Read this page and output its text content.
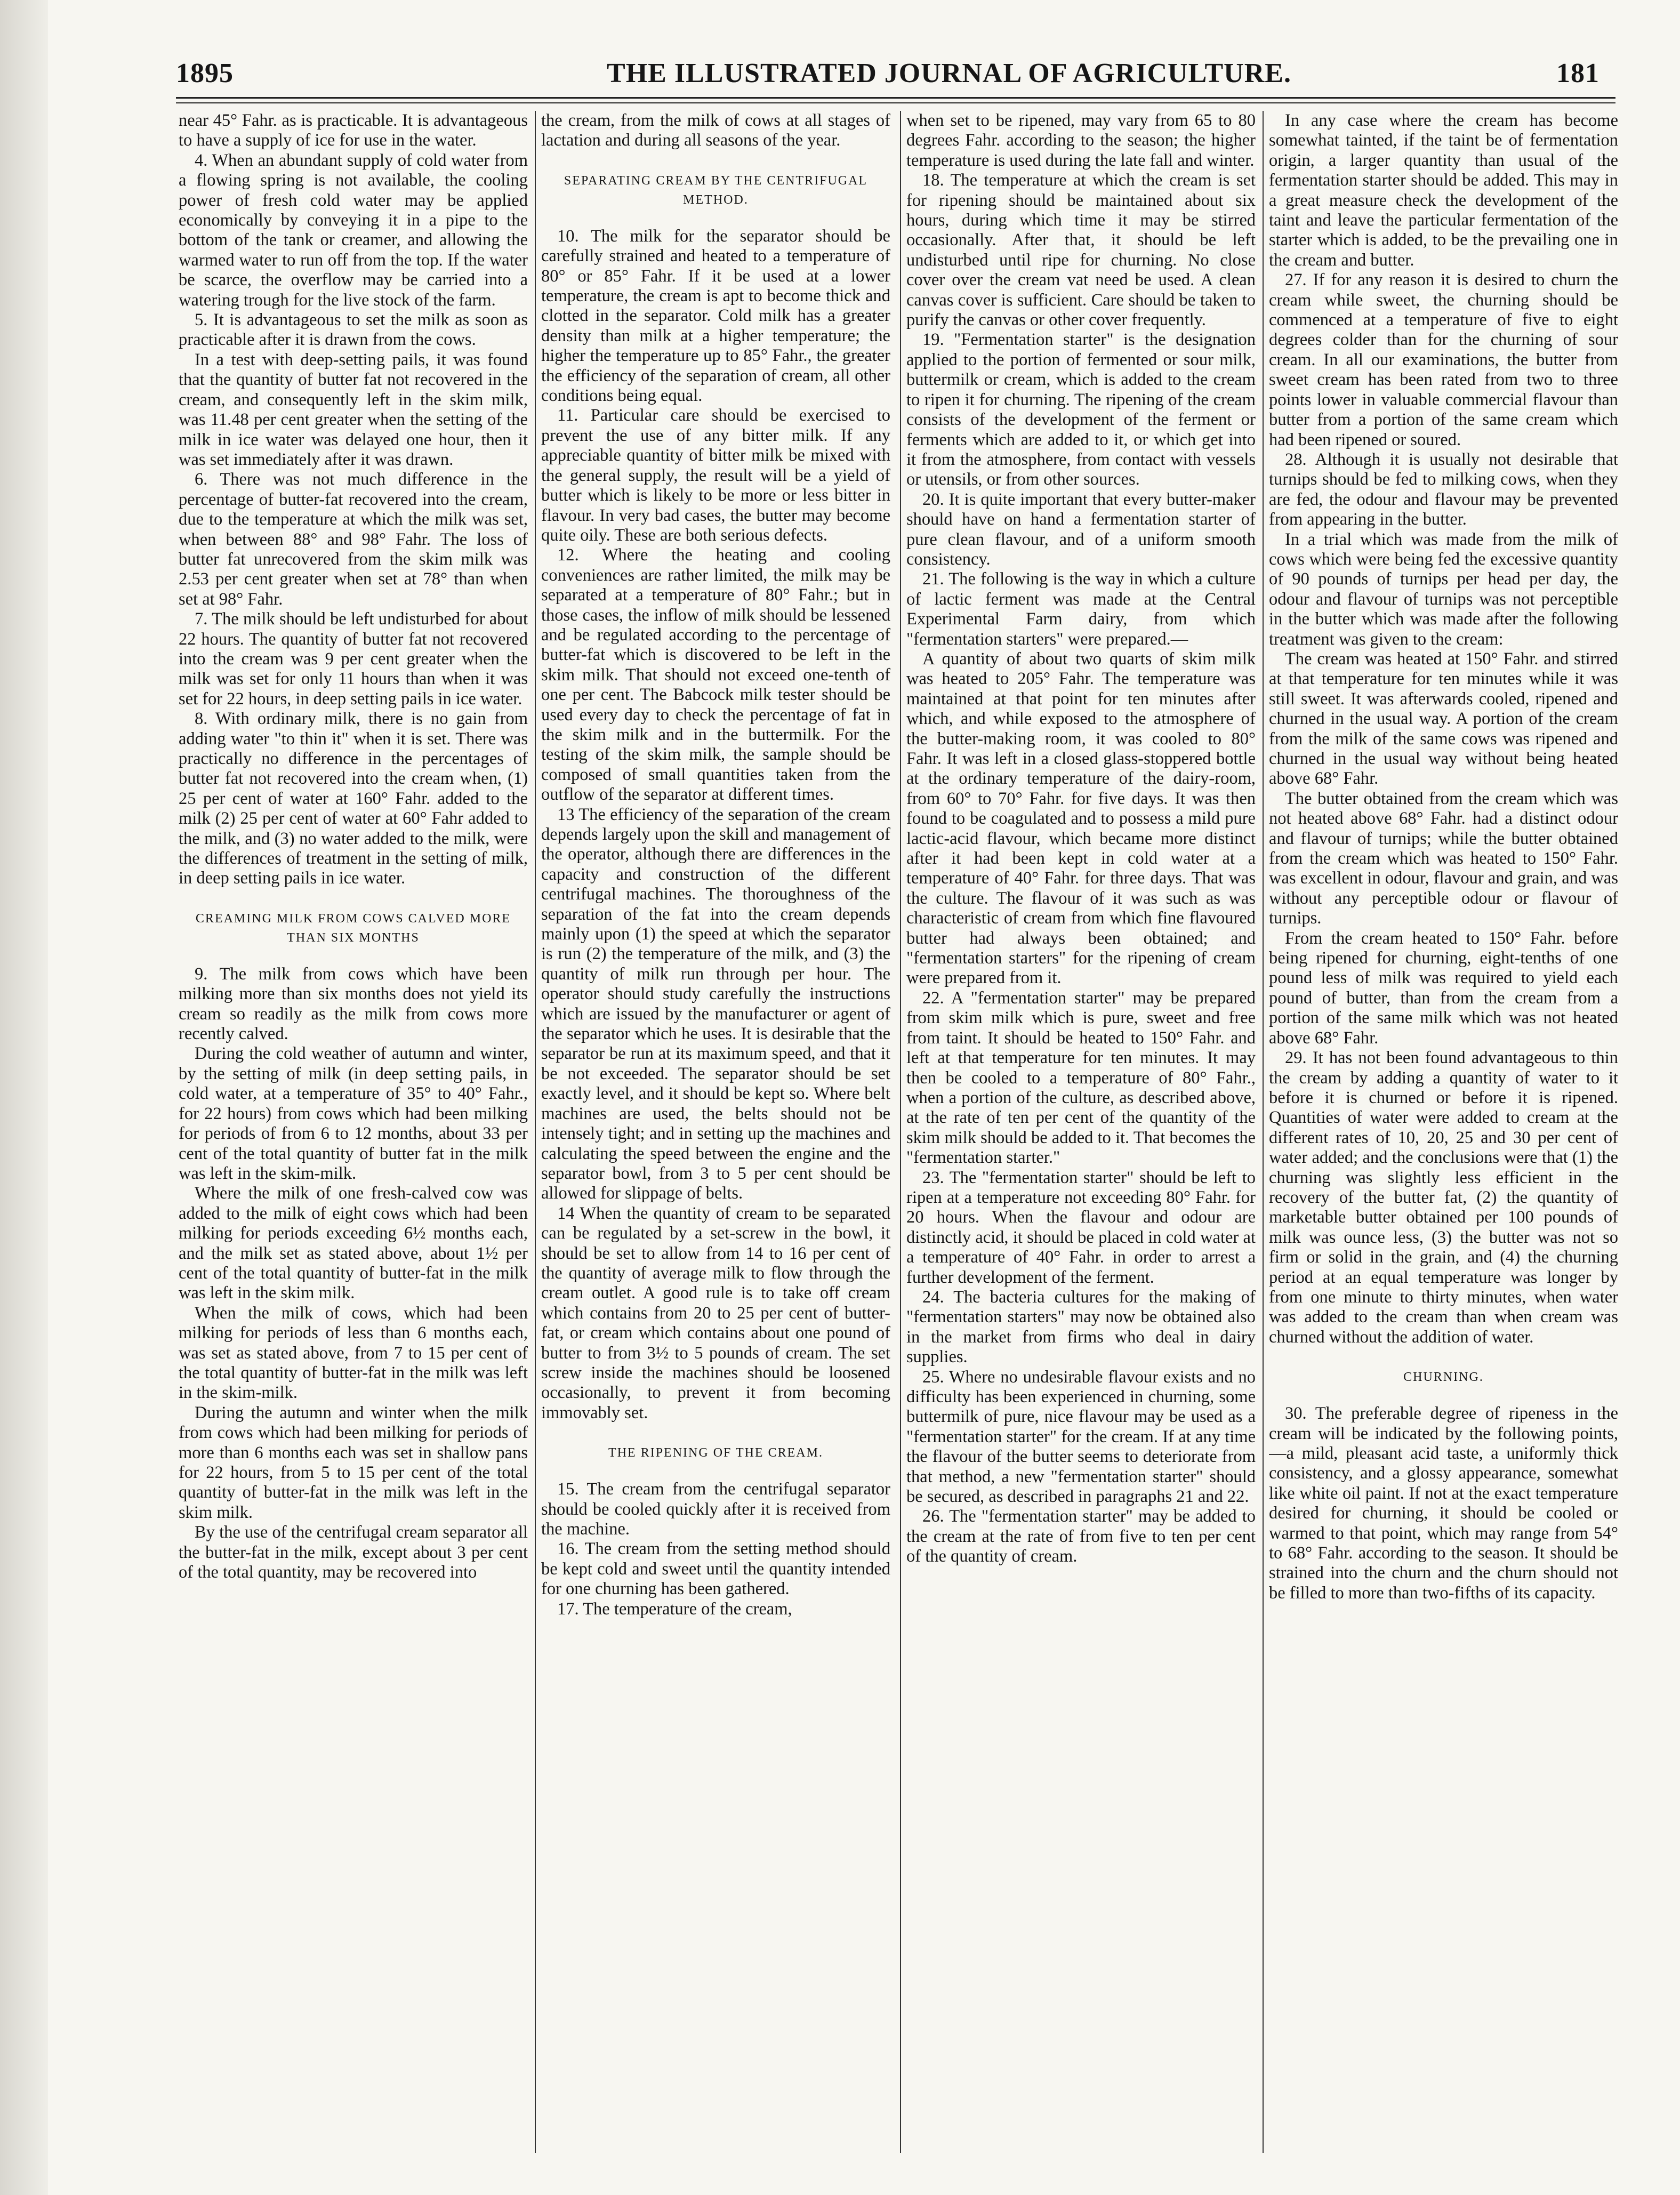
1895	THE ILLUSTRATED JOURNAL OF AGRICULTURE.	181

near 45° Fahr. as is practicable. It is advantageous to have a supply of ice for use in the water.

4. When an abundant supply of cold water from a flowing spring is not available, the cooling power of fresh cold water may be applied economically by conveying it in a pipe to the bottom of the tank or creamer, and allowing the warmed water to run off from the top. If the water be scarce, the overflow may be carried into a watering trough for the live stock of the farm.

5. It is advantageous to set the milk as soon as practicable after it is drawn from the cows.

In a test with deep-setting pails, it was found that the quantity of butter fat not recovered in the cream, and consequently left in the skim milk, was 11.48 per cent greater when the setting of the milk in ice water was delayed one hour, then it was set immediately after it was drawn.

6. There was not much difference in the percentage of butter-fat recovered into the cream, due to the temperature at which the milk was set, when between 88° and 98° Fahr. The loss of butter fat unrecovered from the skim milk was 2.53 per cent greater when set at 78° than when set at 98° Fahr.

7. The milk should be left undisturbed for about 22 hours. The quantity of butter fat not recovered into the cream was 9 per cent greater when the milk was set for only 11 hours than when it was set for 22 hours, in deep setting pails in ice water.

8. With ordinary milk, there is no gain from adding water "to thin it" when it is set. There was practically no difference in the percentages of butter fat not recovered into the cream when, (1) 25 per cent of water at 160° Fahr. added to the milk (2) 25 per cent of water at 60° Fahr added to the milk, and (3) no water added to the milk, were the differences of treatment in the setting of milk, in deep setting pails in ice water.

CREAMING MILK FROM COWS CALVED MORE THAN SIX MONTHS

9. The milk from cows which have been milking more than six months does not yield its cream so readily as the milk from cows more recently calved.

During the cold weather of autumn and winter, by the setting of milk (in deep setting pails, in cold water, at a temperature of 35° to 40° Fahr., for 22 hours) from cows which had been milking for periods of from 6 to 12 months, about 33 per cent of the total quantity of butter fat in the milk was left in the skim-milk.

Where the milk of one fresh-calved cow was added to the milk of eight cows which had been milking for periods exceeding 6½ months each, and the milk set as stated above, about 1½ per cent of the total quantity of butter-fat in the milk was left in the skim milk.

When the milk of cows, which had been milking for periods of less than 6 months each, was set as stated above, from 7 to 15 per cent of the total quantity of butter-fat in the milk was left in the skim-milk.

During the autumn and winter when the milk from cows which had been milking for periods of more than 6 months each was set in shallow pans for 22 hours, from 5 to 15 per cent of the total quantity of butter-fat in the milk was left in the skim milk.

By the use of the centrifugal cream separator all the butter-fat in the milk, except about 3 per cent of the total quantity, may be recovered into

the cream, from the milk of cows at all stages of lactation and during all seasons of the year.

SEPARATING CREAM BY THE CENTRIFUGAL METHOD.

10. The milk for the separator should be carefully strained and heated to a temperature of 80° or 85° Fahr. If it be used at a lower temperature, the cream is apt to become thick and clotted in the separator. Cold milk has a greater density than milk at a higher temperature; the higher the temperature up to 85° Fahr., the greater the efficiency of the separation of cream, all other conditions being equal.

11. Particular care should be exercised to prevent the use of any bitter milk. If any appreciable quantity of bitter milk be mixed with the general supply, the result will be a yield of butter which is likely to be more or less bitter in flavour. In very bad cases, the butter may become quite oily. These are both serious defects.

12. Where the heating and cooling conveniences are rather limited, the milk may be separated at a temperature of 80° Fahr.; but in those cases, the inflow of milk should be lessened and be regulated according to the percentage of butter-fat which is discovered to be left in the skim milk. That should not exceed one-tenth of one per cent. The Babcock milk tester should be used every day to check the percentage of fat in the skim milk and in the buttermilk. For the testing of the skim milk, the sample should be composed of small quantities taken from the outflow of the separator at different times.

13 The efficiency of the separation of the cream depends largely upon the skill and management of the operator, although there are differences in the capacity and construction of the different centrifugal machines. The thoroughness of the separation of the fat into the cream depends mainly upon (1) the speed at which the separator is run (2) the temperature of the milk, and (3) the quantity of milk run through per hour. The operator should study carefully the instructions which are issued by the manufacturer or agent of the separator which he uses. It is desirable that the separator be run at its maximum speed, and that it be not exceeded. The separator should be set exactly level, and it should be kept so. Where belt machines are used, the belts should not be intensely tight; and in setting up the machines and calculating the speed between the engine and the separator bowl, from 3 to 5 per cent should be allowed for slippage of belts.

14 When the quantity of cream to be separated can be regulated by a set-screw in the bowl, it should be set to allow from 14 to 16 per cent of the quantity of average milk to flow through the cream outlet. A good rule is to take off cream which contains from 20 to 25 per cent of butter-fat, or cream which contains about one pound of butter to from 3½ to 5 pounds of cream. The set screw inside the machines should be loosened occasionally, to prevent it from becoming immovably set.

THE RIPENING OF THE CREAM.

15. The cream from the centrifugal separator should be cooled quickly after it is received from the machine.

16. The cream from the setting method should be kept cold and sweet until the quantity intended for one churning has been gathered.

17. The temperature of the cream,

when set to be ripened, may vary from 65 to 80 degrees Fahr. according to the season; the higher temperature is used during the late fall and winter.

18. The temperature at which the cream is set for ripening should be maintained about six hours, during which time it may be stirred occasionally. After that, it should be left undisturbed until ripe for churning. No close cover over the cream vat need be used. A clean canvas cover is sufficient. Care should be taken to purify the canvas or other cover frequently.

19. "Fermentation starter" is the designation applied to the portion of fermented or sour milk, buttermilk or cream, which is added to the cream to ripen it for churning. The ripening of the cream consists of the development of the ferment or ferments which are added to it, or which get into it from the atmosphere, from contact with vessels or utensils, or from other sources.

20. It is quite important that every butter-maker should have on hand a fermentation starter of pure clean flavour, and of a uniform smooth consistency.

21. The following is the way in which a culture of lactic ferment was made at the Central Experimental Farm dairy, from which "fermentation starters" were prepared.—

A quantity of about two quarts of skim milk was heated to 205° Fahr. The temperature was maintained at that point for ten minutes after which, and while exposed to the atmosphere of the butter-making room, it was cooled to 80° Fahr. It was left in a closed glass-stoppered bottle at the ordinary temperature of the dairy-room, from 60° to 70° Fahr. for five days. It was then found to be coagulated and to possess a mild pure lactic-acid flavour, which became more distinct after it had been kept in cold water at a temperature of 40° Fahr. for three days. That was the culture. The flavour of it was such as was characteristic of cream from which fine flavoured butter had always been obtained; and "fermentation starters" for the ripening of cream were prepared from it.

22. A "fermentation starter" may be prepared from skim milk which is pure, sweet and free from taint. It should be heated to 150° Fahr. and left at that temperature for ten minutes. It may then be cooled to a temperature of 80° Fahr., when a portion of the culture, as described above, at the rate of ten per cent of the quantity of the skim milk should be added to it. That becomes the "fermentation starter."

23. The "fermentation starter" should be left to ripen at a temperature not exceeding 80° Fahr. for 20 hours. When the flavour and odour are distinctly acid, it should be placed in cold water at a temperature of 40° Fahr. in order to arrest a further development of the ferment.

24. The bacteria cultures for the making of "fermentation starters" may now be obtained also in the market from firms who deal in dairy supplies.

25. Where no undesirable flavour exists and no difficulty has been experienced in churning, some buttermilk of pure, nice flavour may be used as a "fermentation starter" for the cream. If at any time the flavour of the butter seems to deteriorate from that method, a new "fermentation starter" should be secured, as described in paragraphs 21 and 22.

26. The "fermentation starter" may be added to the cream at the rate of from five to ten per cent of the quantity of cream.

In any case where the cream has become somewhat tainted, if the taint be of fermentation origin, a larger quantity than usual of the fermentation starter should be added. This may in a great measure check the development of the taint and leave the particular fermentation of the starter which is added, to be the prevailing one in the cream and butter.

27. If for any reason it is desired to churn the cream while sweet, the churning should be commenced at a temperature of five to eight degrees colder than for the churning of sour cream. In all our examinations, the butter from sweet cream has been rated from two to three points lower in valuable commercial flavour than butter from a portion of the same cream which had been ripened or soured.

28. Although it is usually not desirable that turnips should be fed to milking cows, when they are fed, the odour and flavour may be prevented from appearing in the butter.

In a trial which was made from the milk of cows which were being fed the excessive quantity of 90 pounds of turnips per head per day, the odour and flavour of turnips was not perceptible in the butter which was made after the following treatment was given to the cream:

The cream was heated at 150° Fahr. and stirred at that temperature for ten minutes while it was still sweet. It was afterwards cooled, ripened and churned in the usual way. A portion of the cream from the milk of the same cows was ripened and churned in the usual way without being heated above 68° Fahr.

The butter obtained from the cream which was not heated above 68° Fahr. had a distinct odour and flavour of turnips; while the butter obtained from the cream which was heated to 150° Fahr. was excellent in odour, flavour and grain, and was without any perceptible odour or flavour of turnips.

From the cream heated to 150° Fahr. before being ripened for churning, eight-tenths of one pound less of milk was required to yield each pound of butter, than from the cream from a portion of the same milk which was not heated above 68° Fahr.

29. It has not been found advantageous to thin the cream by adding a quantity of water to it before it is churned or before it is ripened. Quantities of water were added to cream at the different rates of 10, 20, 25 and 30 per cent of water added; and the conclusions were that (1) the churning was slightly less efficient in the recovery of the butter fat, (2) the quantity of marketable butter obtained per 100 pounds of milk was ounce less, (3) the butter was not so firm or solid in the grain, and (4) the churning period at an equal temperature was longer by from one minute to thirty minutes, when water was added to the cream than when cream was churned without the addition of water.

CHURNING.

30. The preferable degree of ripeness in the cream will be indicated by the following points,—a mild, pleasant acid taste, a uniformly thick consistency, and a glossy appearance, somewhat like white oil paint. If not at the exact temperature desired for churning, it should be cooled or warmed to that point, which may range from 54° to 68° Fahr. according to the season. It should be strained into the churn and the churn should not be filled to more than two-fifths of its capacity.
